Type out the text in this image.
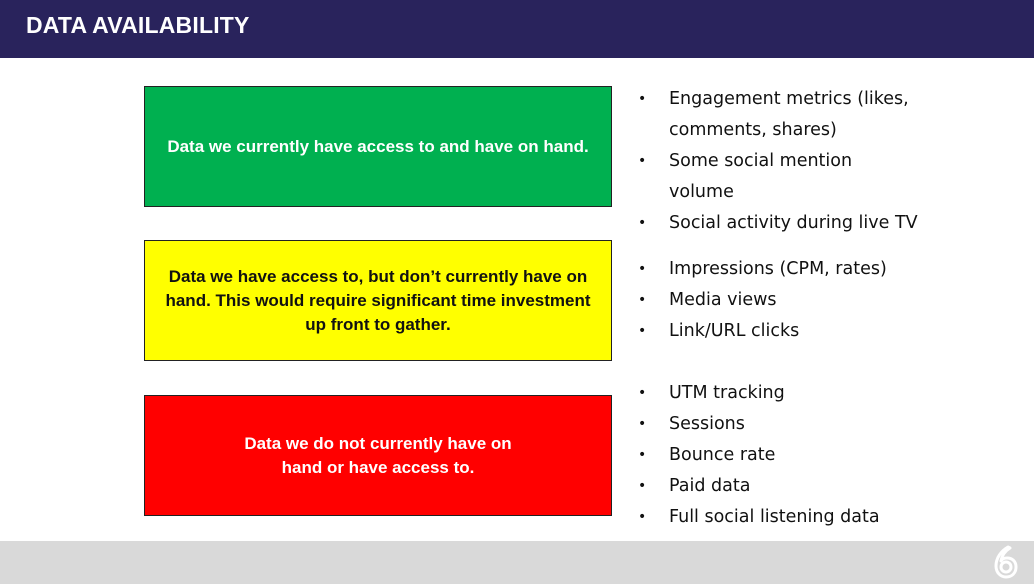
DATA AVAILABILITY
Data we currently have access to and have on hand.
• Engagement metrics (likes, comments, shares)
• Some social mention volume
• Social activity during live TV
Data we have access to, but don’t currently have on hand. This would require significant time investment up front to gather.
• Impressions (CPM, rates)
• Media views
• Link/URL clicks
Data we do not currently have on hand or have access to.
• UTM tracking
• Sessions
• Bounce rate
• Paid data
• Full social listening data
